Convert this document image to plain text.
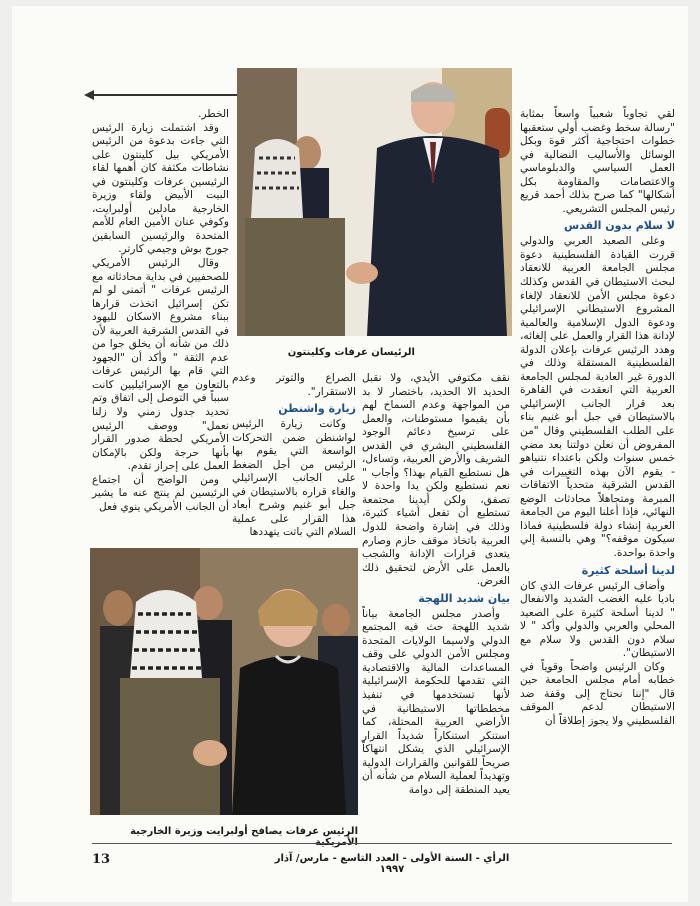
لقي تجاوباً شعبياً واسعاً بمثابة "رسالة سخط وغضب أولي ستعقبها خطوات احتجاجية أكثر قوة وبكل الوسائل والأساليب النضالية في العمل السياسي والدبلوماسي والاعتصامات والمقاومة بكل أشكالها" كما صرح بذلك أحمد قريع رئيس المجلس التشريعي.

لا سلام بدون القدس

وعلى الصعيد العربي والدولي قررت القيادة الفلسطينية دعوة مجلس الجامعة العربية للانعقاد لبحث الاستيطان في القدس وكذلك دعوة مجلس الأمن للانعقاد لإلغاء المشروع الاستيطاني الإسرائيلي ودعوة الدول الإسلامية والعالمية لإدانة هذا القرار والعمل على إلغائه، وهدد الرئيس عرفات بإعلان الدولة الفلسطينية المستقلة وذلك في الدورة غير العادية لمجلس الجامعة العربية التي انعقدت في القاهرة بعد قرار الجانب الإسرائيلي بالاستيطان في جبل أبو غنيم بناء على الطلب الفلسطيني وقال "من المفروض أن نعلن دولتنا بعد مضي خمس سنوات ولكن باعتداء نتنياهو - يقوم الآن بهذه التغييرات في القدس الشرقية متحدياً الاتفاقات المبرمة ومتجاهلاً محادثات الوضع النهائي، فإذا أعلنا اليوم من الجامعة العربية إنشاء دولة فلسطينية فماذا سيكون موقفه؟" وهي بالنسبة إلي واحدة بواحدة.

لدينا أسلحة كثيرة

وأضاف الرئيس عرفات الذي كان باديا عليه الغضب الشديد والانفعال " لدينا أسلحة كثيرة على الصعيد المحلي والعربي والدولي وأكد " لا سلام دون القدس ولا سلام مع الاستيطان".

وكان الرئيس واضحاً وقوياً في خطابه أمام مجلس الجامعة حين قال "إننا نحتاج إلى وقفة ضد الاستيطان لدعم الموقف الفلسطيني ولا يجوز إطلاقاً أن

نقف مكتوفي الأيدي، ولا نقبل الحديد الا الحديد، باختصار لا بد من المواجهة وعدم السماح لهم بأن يقيموا مستوطنات، والعمل على ترسيخ دعائم الوجود الفلسطيني البشري في القدس الشريف والأرض العربية، وتساءل، هل نستطيع القيام بهذا؟ وأجاب " نعم نستطيع ولكن يدا واحدة لا تصفق، ولكن أيدينا مجتمعة تستطيع أن تفعل أشياء كثيرة، وذلك في إشارة واضحة للدول العربية باتخاذ موقف حازم وصارم يتعدى قرارات الإدانة والشجب بالعمل على الأرض لتحقيق ذلك الغرض.

بيان شديد اللهجة

وأصدر مجلس الجامعة بياناً شديد اللهجة حث فيه المجتمع الدولي ولاسيما الولايات المتحدة ومجلس الأمن الدولي على وقف المساعدات المالية والاقتصادية التي تقدمها للحكومة الإسرائيلية لأنها تستخدمها في تنفيذ مخططاتها الاستيطانية في الأراضي العربية المحتلة، كما استنكر استنكاراً شديداً القرار الإسرائيلي الذي يشكل انتهاكاً صريحاً للقوانين والقرارات الدولية وتهديداً لعملية السلام من شأنه أن يعيد المنطقة إلى دوامة

الصراع والتوتر وعدم الاستقرار".

زيارة واشنطن

وكانت زيارة الرئيس لواشنطن ضمن التحركات الواسعة التي يقوم بها الرئيس من أجل الضغط على الجانب الإسرائيلي والغاء قراره بالاستيطان في جبل أبو غنيم وشرح أبعاد هذا القرار على عملية السلام التي باتت يتهددها

الخطر.

وقد اشتملت زيارة الرئيس التي جاءت بدعوة من الرئيس الأمريكي بيل كلينتون على نشاطات مكثفة كان أهمها لقاء الرئيسين عرفات وكلينتون في البيت الأبيض ولقاء وزيرة الخارجية مادلين أولبرايت، وكوفي عنان الأمين العام للأمم المتحدة والرئيسين السابقين جورج بوش وجيمي كارتر.

وقال الرئيس الأمريكي للصحفيين في بداية محادثاته مع الرئيس عرفات " أتمنى لو لم تكن إسرائيل اتخذت قرارها ببناء مشروع الاسكان لليهود في القدس الشرقية العربية لأن ذلك من شأنه أن يخلق جوا من عدم الثقة " وأكد أن "الجهود التي قام بها الرئيس عرفات بالتعاون مع الإسرائيليين كانت سبباً في التوصل إلى اتفاق وتم تحديد جدول زمني ولا زلنا نعمل" ووصف الرئيس الأمريكي لحظة صدور القرار بأنها حرجة ولكن بالإمكان العمل على إحراز تقدم.

ومن الواضح أن اجتماع الرئيسين لم ينتج عنه ما يشير أن الجانب الأمريكي ينوي فعل

الرئيسان عرفات وكلينتون
الرئيس عرفات يصافح أولبرايت وزيرة الخارجية
13	الرأي - السنة الأولى - العدد التاسع - مارس/ آذار ١٩٩٧
